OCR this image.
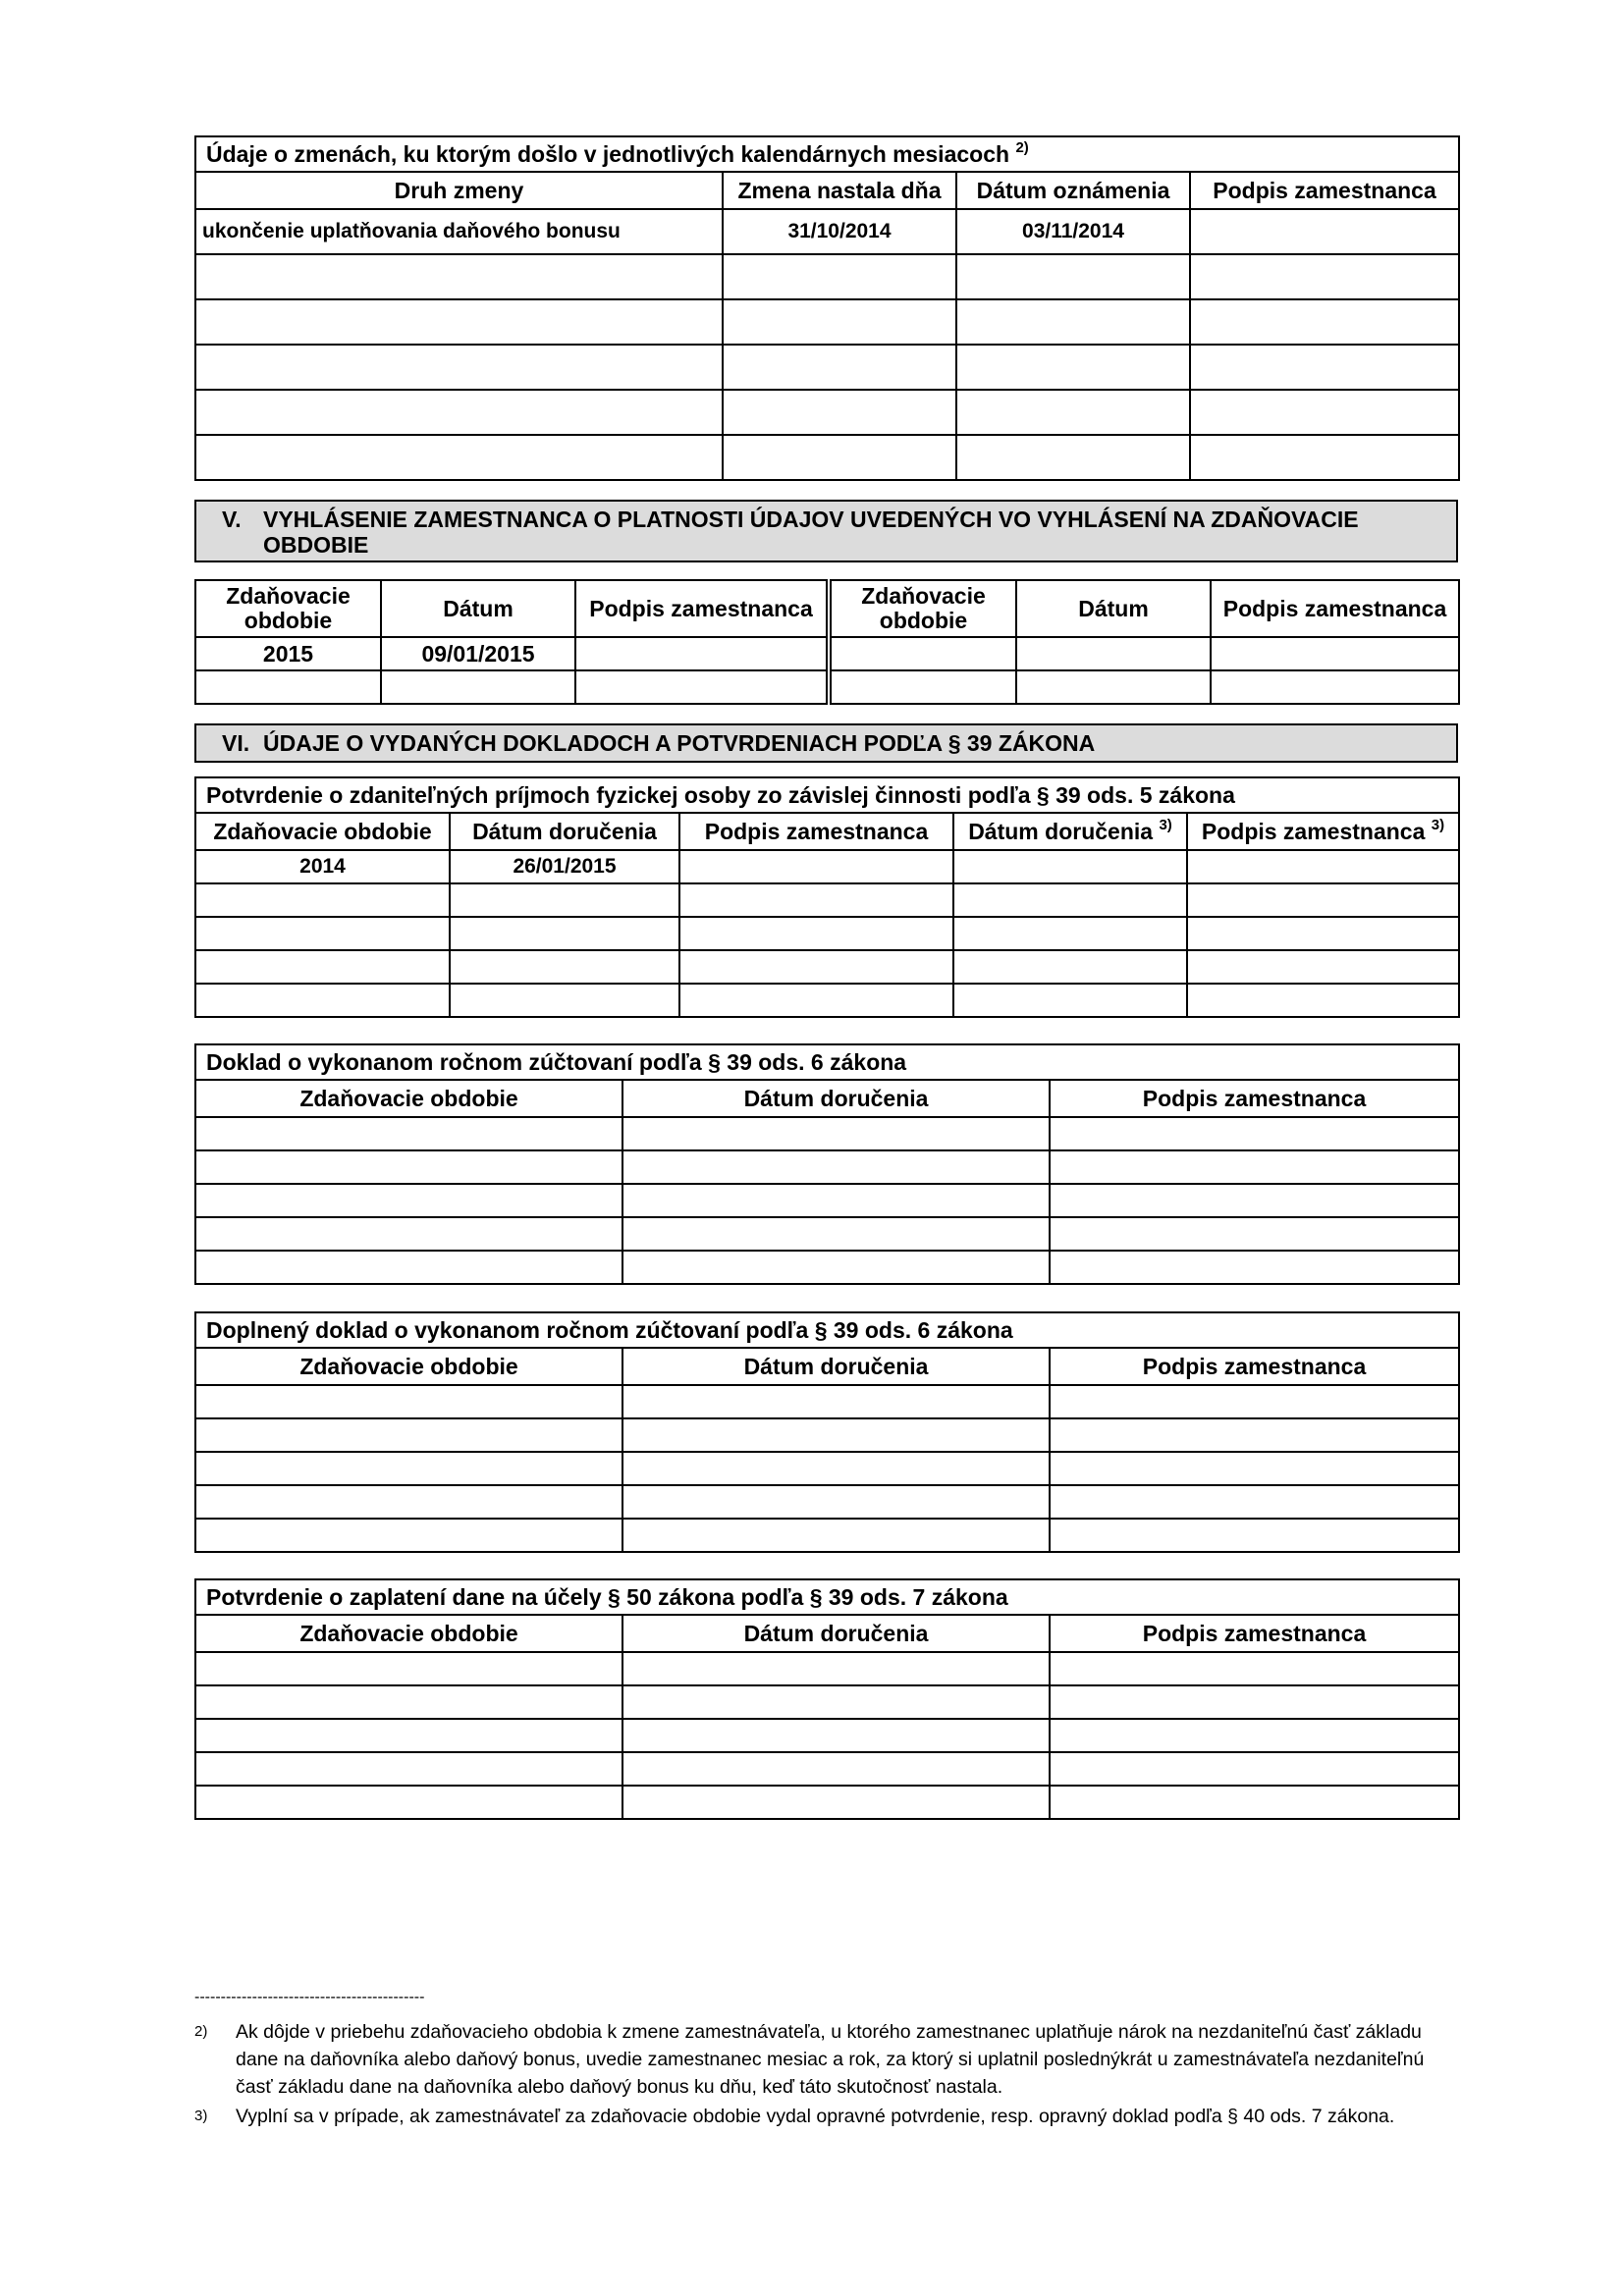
Údaje o zmenách, ku ktorým došlo v jednotlivých kalendárnych mesiacoch $^{2)}$
Druh zmeny	Zmena nastala dňa	Dátum oznámenia	Podpis zamestnanca
ukončenie uplatňovania daňového bonusu	31/10/2014	03/11/2014	

V. VYHLÁSENIE ZAMESTNANCA O PLATNOSTI ÚDAJOV UVEDENÝCH VO VYHLÁSENÍ NA ZDAŇOVACIE
OBDOBIE
Zdaňovacie obdobie	Dátum	Podpis zamestnanca
2015	09/01/2015	

Zdaňovacie obdobie	Dátum	Podpis zamestnanca

VI. ÚDAJE O VYDANÝCH DOKLADOCH A POTVRDENIACH PODĽA § 39 ZÁKONA
Potvrdenie o zdaniteľných príjmoch fyzickej osoby zo závislej činnosti podľa § 39 ods. 5 zákona				
Zdaňovacie obdobie	Dátum doručenia	Podpis zamestnanca	Dátum doručenia $^{3)}$	Podpis zamestnanca $^{3)}$
2014	26/01/2015			

Doklad o vykonanom ročnom zúčtovaní podľa § 39 ods. 6 zákona		
Zdaňovacie obdobie	Dátum doručenia	Podpis zamestnanca

Doplnený doklad o vykonanom ročnom zúčtovaní podľa § 39 ods. 6 zákona		
Zdaňovacie obdobie	Dátum doručenia	Podpis zamestnanca

Potvrdenie o zaplatení dane na účely § 50 zákona podľa § 39 ods. 7 zákona		
Zdaňovacie obdobie	Dátum doručenia	Podpis zamestnanca

--------------------------------------------
2) Ak dôjde v priebehu zdaňovacieho obdobia k zmene zamestnávateľa, u ktorého zamestnanec uplatňuje nárok na nezdaniteľnú časť základu dane na daňovníka alebo daňový bonus, uvedie zamestnanec mesiac a rok, za ktorý si uplatnil poslednýkrát u zamestnávateľa nezdaniteľnú časť základu dane na daňovníka alebo daňový bonus ku dňu, keď táto skutočnosť nastala.
3) Vyplní sa v prípade, ak zamestnávateľ za zdaňovacie obdobie vydal opravné potvrdenie, resp. opravný doklad podľa § 40 ods. 7 zákona.
